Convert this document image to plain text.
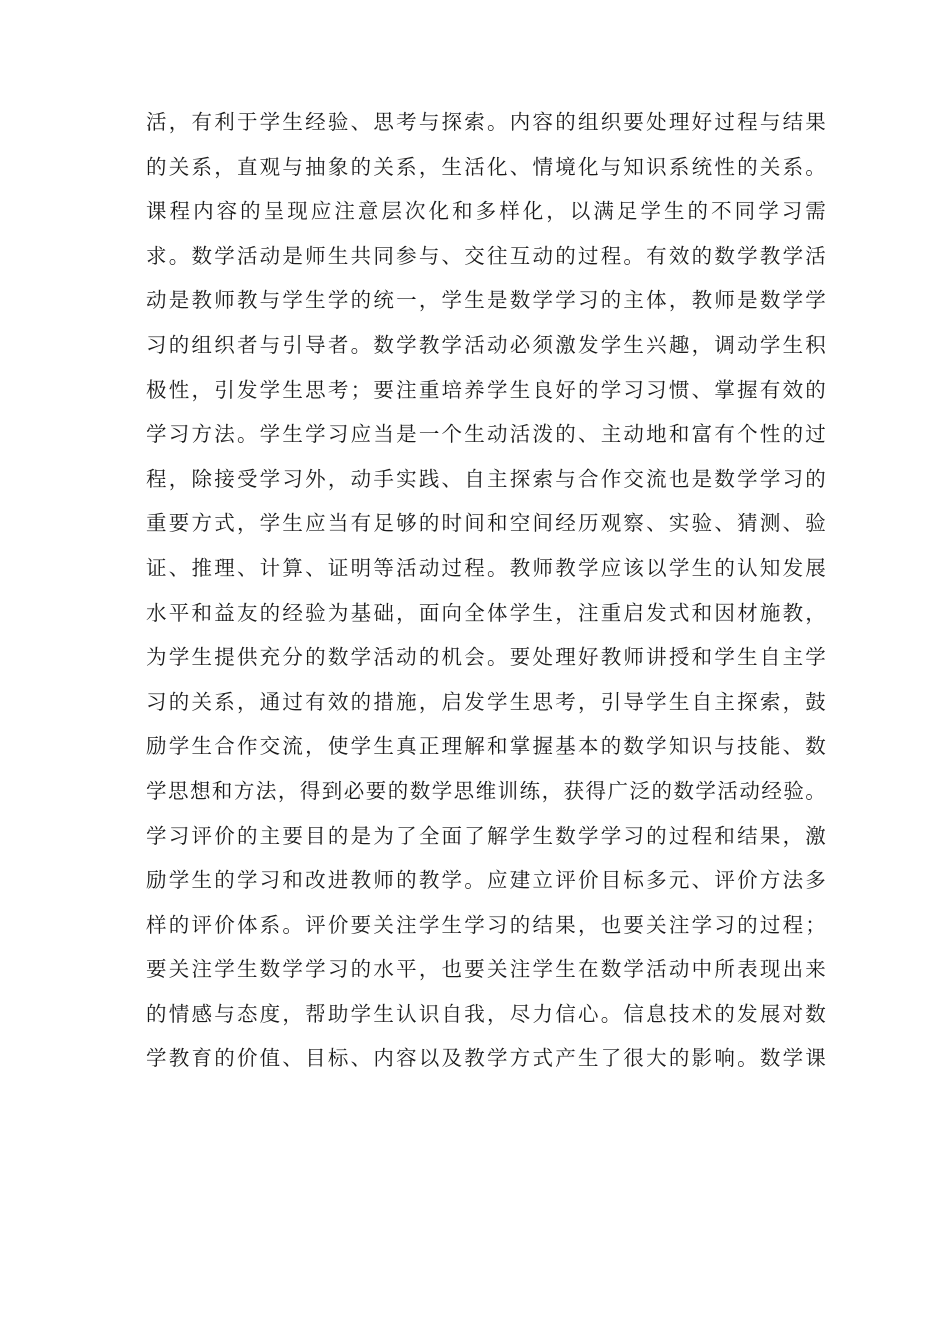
活，有利于学生经验、思考与探索。内容的组织要处理好过程与结果
的关系，直观与抽象的关系，生活化、情境化与知识系统性的关系。
课程内容的呈现应注意层次化和多样化，以满足学生的不同学习需
求。数学活动是师生共同参与、交往互动的过程。有效的数学教学活
动是教师教与学生学的统一，学生是数学学习的主体，教师是数学学
习的组织者与引导者。数学教学活动必须激发学生兴趣，调动学生积
极性，引发学生思考；要注重培养学生良好的学习习惯、掌握有效的
学习方法。学生学习应当是一个生动活泼的、主动地和富有个性的过
程，除接受学习外，动手实践、自主探索与合作交流也是数学学习的
重要方式，学生应当有足够的时间和空间经历观察、实验、猜测、验
证、推理、计算、证明等活动过程。教师教学应该以学生的认知发展
水平和益友的经验为基础，面向全体学生，注重启发式和因材施教，
为学生提供充分的数学活动的机会。要处理好教师讲授和学生自主学
习的关系，通过有效的措施，启发学生思考，引导学生自主探索，鼓
励学生合作交流，使学生真正理解和掌握基本的数学知识与技能、数
学思想和方法，得到必要的数学思维训练，获得广泛的数学活动经验。
学习评价的主要目的是为了全面了解学生数学学习的过程和结果，激
励学生的学习和改进教师的教学。应建立评价目标多元、评价方法多
样的评价体系。评价要关注学生学习的结果，也要关注学习的过程；
要关注学生数学学习的水平，也要关注学生在数学活动中所表现出来
的情感与态度，帮助学生认识自我，尽力信心。信息技术的发展对数
学教育的价值、目标、内容以及教学方式产生了很大的影响。数学课
